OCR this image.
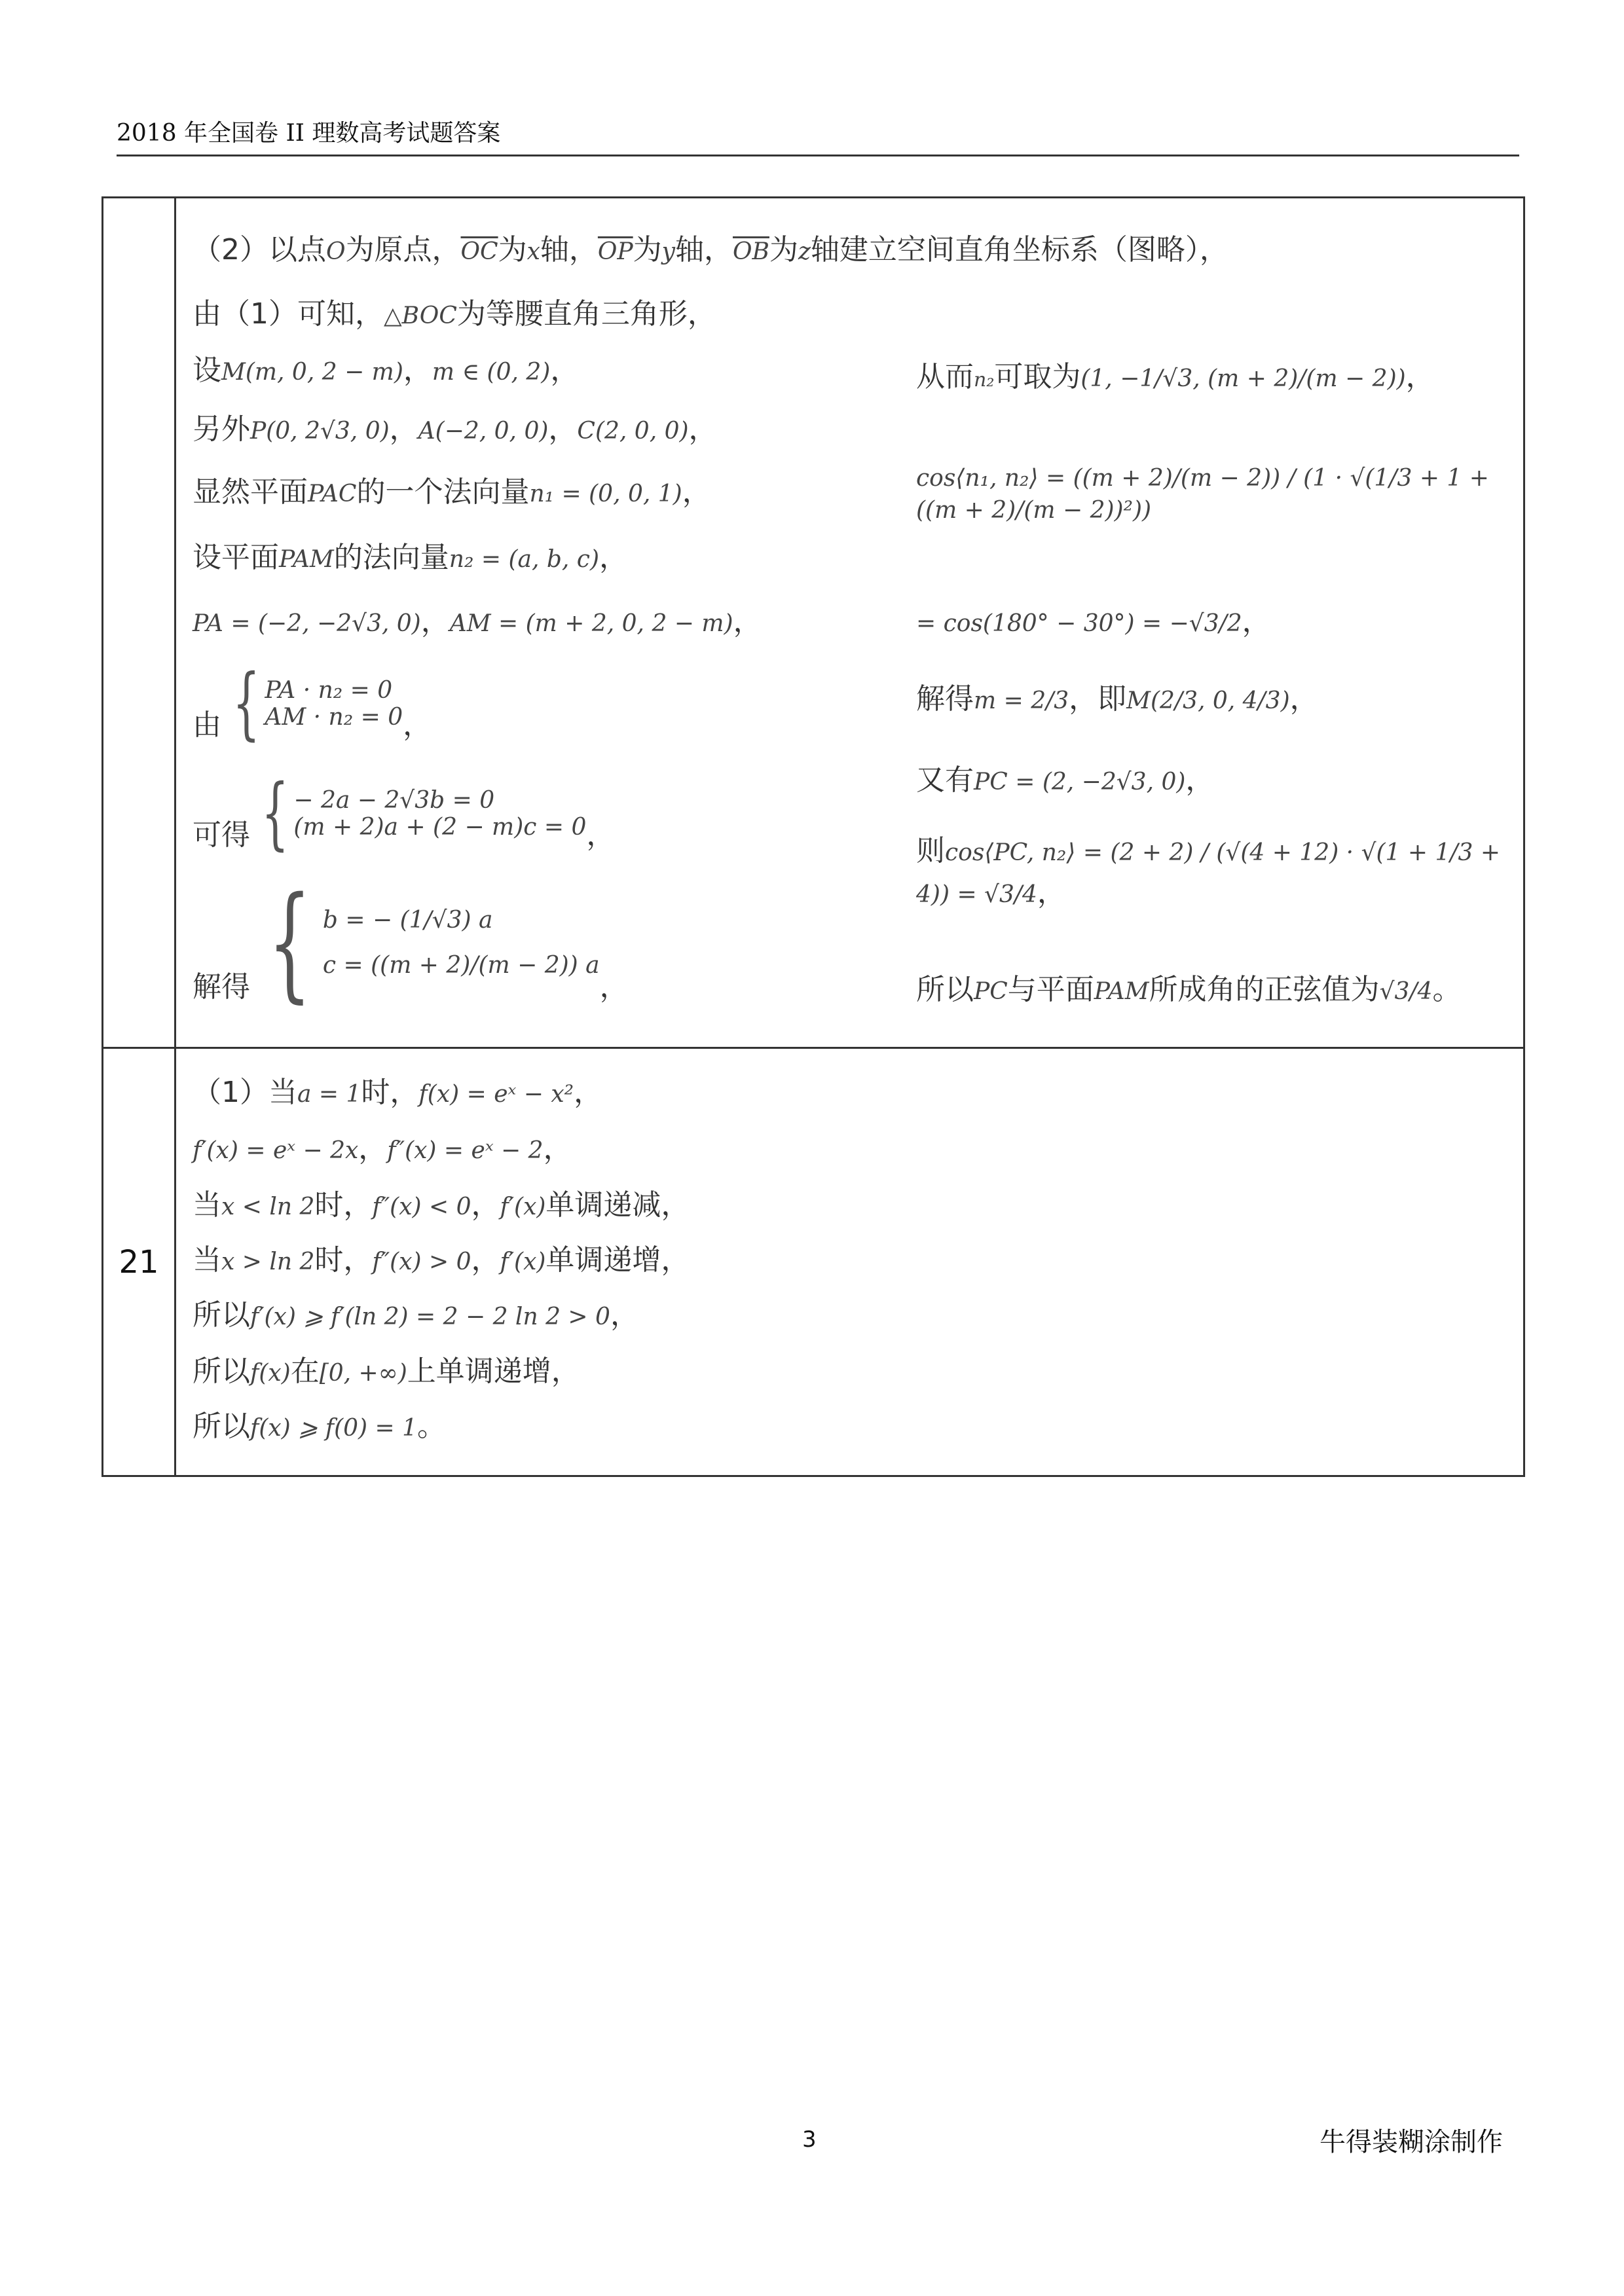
2018 年全国卷 II 理数高考试题答案
（2）以点O为原点，$\overline{OC}$为x轴，$\overline{OP}$为y轴，$\overline{OB}$为z轴建立空间直角坐标系（图略），
由（1）可知，△BOC为等腰直角三角形，
设M(m, 0, 2 − m)，m ∈ (0, 2)，
另外P(0, 2√3, 0)，A(−2, 0, 0)，C(2, 0, 0)，
显然平面PAC的一个法向量n₁ = (0, 0, 1)，
设平面PAM的法向量n₂ = (a, b, c)，
PA = (−2, −2√3, 0)，AM = (m + 2, 0, 2 − m)，
由 { PA · n₂ = 0
AM · n₂ = 0 ，
可得 { − 2a − 2√3b = 0
(m + 2)a + (2 − m)c = 0 ，
解得 { b = − (1/√3) a
c = ((m + 2)/(m − 2)) a
，
从而n₂可取为(1, −1/√3, (m + 2)/(m − 2))，
cos⟨n₁, n₂⟩ = ((m + 2)/(m − 2)) / (1 · √(1/3 + 1 + ((m + 2)/(m − 2))²))
= cos(180° − 30°) = −√3/2，
解得m = 2/3，即M(2/3, 0, 4/3)，
又有PC = (2, −2√3, 0)，
则cos⟨PC, n₂⟩ = (2 + 2) / (√(4 + 12) · √(1 + 1/3 + 4)) = √3/4，
所以PC与平面PAM所成角的正弦值为√3/4。
21
（1）当a = 1时，f(x) = eˣ − x²，
f′(x) = eˣ − 2x，f″(x) = eˣ − 2，
当x < ln 2时，f″(x) < 0，f′(x)单调递减，
当x > ln 2时，f″(x) > 0，f′(x)单调递增，
所以f′(x) ⩾ f′(ln 2) = 2 − 2 ln 2 > 0，
所以f(x)在[0, +∞)上单调递增，
所以f(x) ⩾ f(0) = 1。
3	牛得装糊涂制作
